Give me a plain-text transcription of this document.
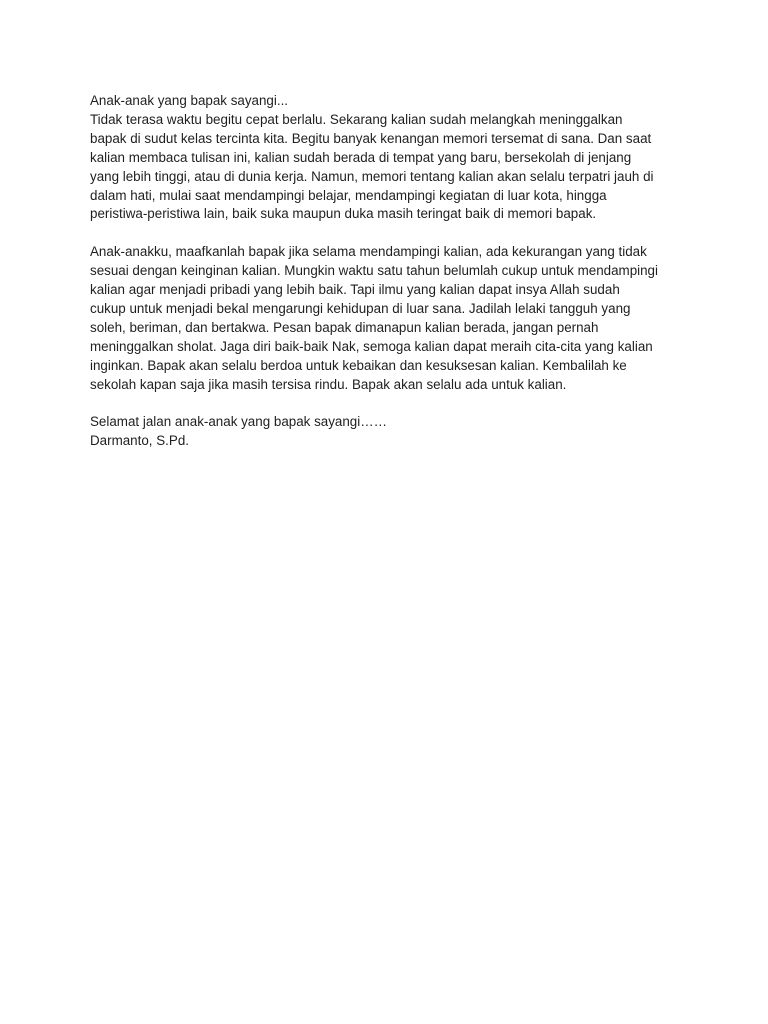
Anak-anak yang bapak sayangi...
Tidak terasa waktu begitu cepat berlalu. Sekarang kalian sudah melangkah meninggalkan
bapak di sudut kelas tercinta kita. Begitu banyak kenangan memori tersemat di sana. Dan saat
kalian membaca tulisan ini, kalian sudah berada di tempat yang baru, bersekolah di jenjang
yang lebih tinggi, atau di dunia kerja. Namun, memori tentang kalian akan selalu terpatri jauh di
dalam hati, mulai saat mendampingi belajar, mendampingi kegiatan di luar kota, hingga
peristiwa-peristiwa lain, baik suka maupun duka masih teringat baik di memori bapak.
Anak-anakku, maafkanlah bapak jika selama mendampingi kalian, ada kekurangan yang tidak
sesuai dengan keinginan kalian. Mungkin waktu satu tahun belumlah cukup untuk mendampingi
kalian agar menjadi pribadi yang lebih baik. Tapi ilmu yang kalian dapat insya Allah sudah
cukup untuk menjadi bekal mengarungi kehidupan di luar sana. Jadilah lelaki tangguh yang
soleh, beriman, dan bertakwa. Pesan bapak dimanapun kalian berada, jangan pernah
meninggalkan sholat. Jaga diri baik-baik Nak, semoga kalian dapat meraih cita-cita yang kalian
inginkan. Bapak akan selalu berdoa untuk kebaikan dan kesuksesan kalian. Kembalilah ke
sekolah kapan saja jika masih tersisa rindu. Bapak akan selalu ada untuk kalian.
Selamat jalan anak-anak yang bapak sayangi……
Darmanto, S.Pd.
